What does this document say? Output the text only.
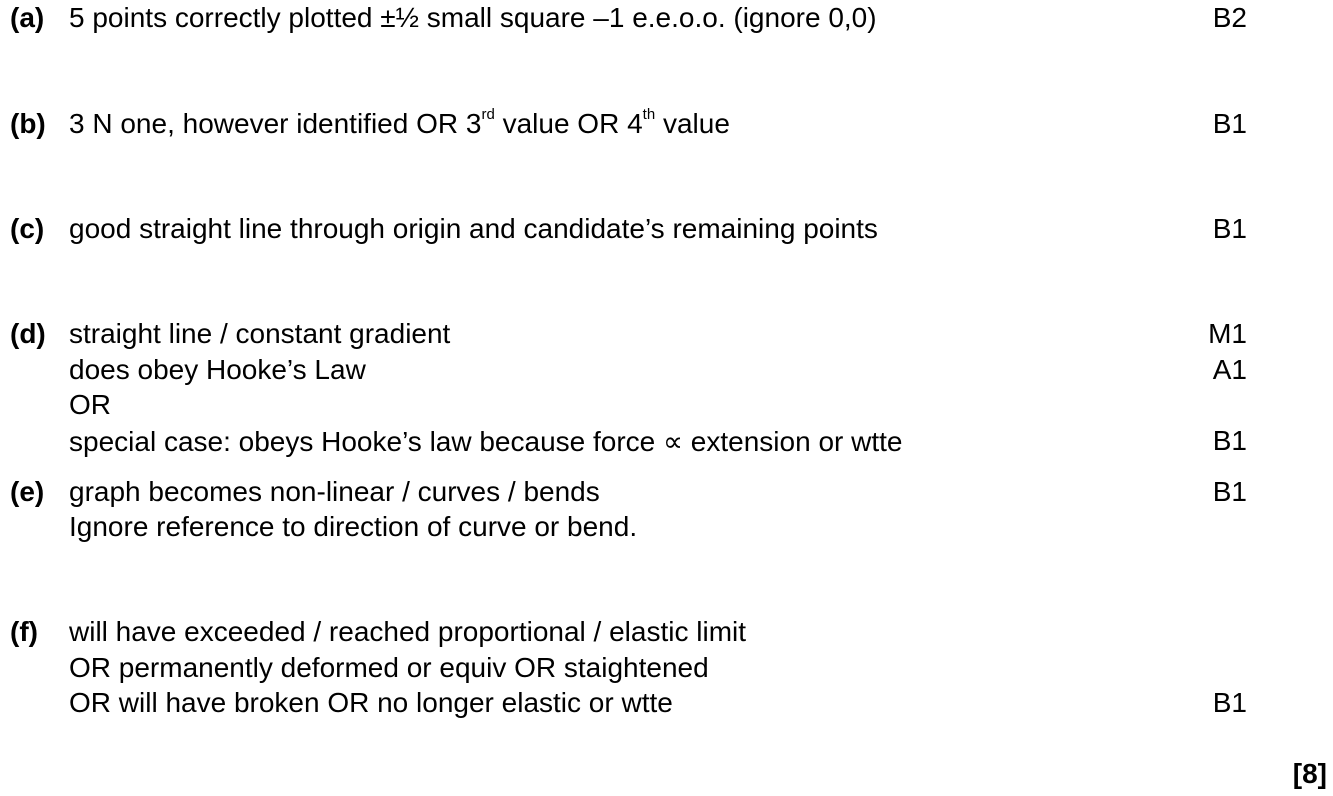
(a) 5 points correctly plotted ±½ small square –1 e.e.o.o. (ignore 0,0)	B2
(b) 3 N one, however identified OR 3rd value OR 4th value	B1
(c) good straight line through origin and candidate’s remaining points	B1
(d) straight line / constant gradient	M1
does obey Hooke’s Law	A1
OR
special case: obeys Hooke’s law because force ∝ extension or wtte	B1
(e) graph becomes non-linear / curves / bends	B1
Ignore reference to direction of curve or bend.
(f) will have exceeded / reached proportional / elastic limit
OR permanently deformed or equiv OR staightened
OR will have broken OR no longer elastic or wtte	B1
[8]
